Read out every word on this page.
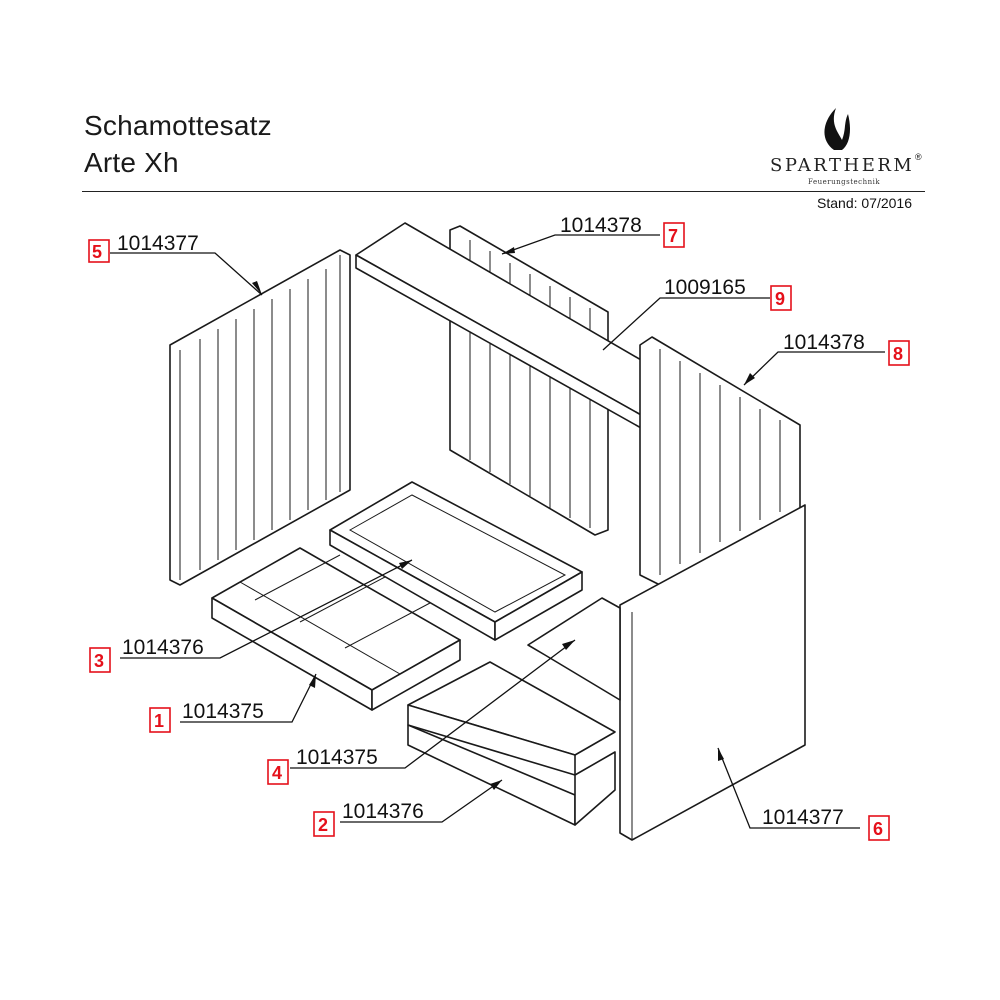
Schamottesatz
Arte Xh	SPARTHERM ®
Feuerungstechnik
Stand: 07/2016
5 1014377
1014378 7
1009165 9
1014378 8
3
1014376
1 1014375
4
1014375
2
1014376	1014377 6
